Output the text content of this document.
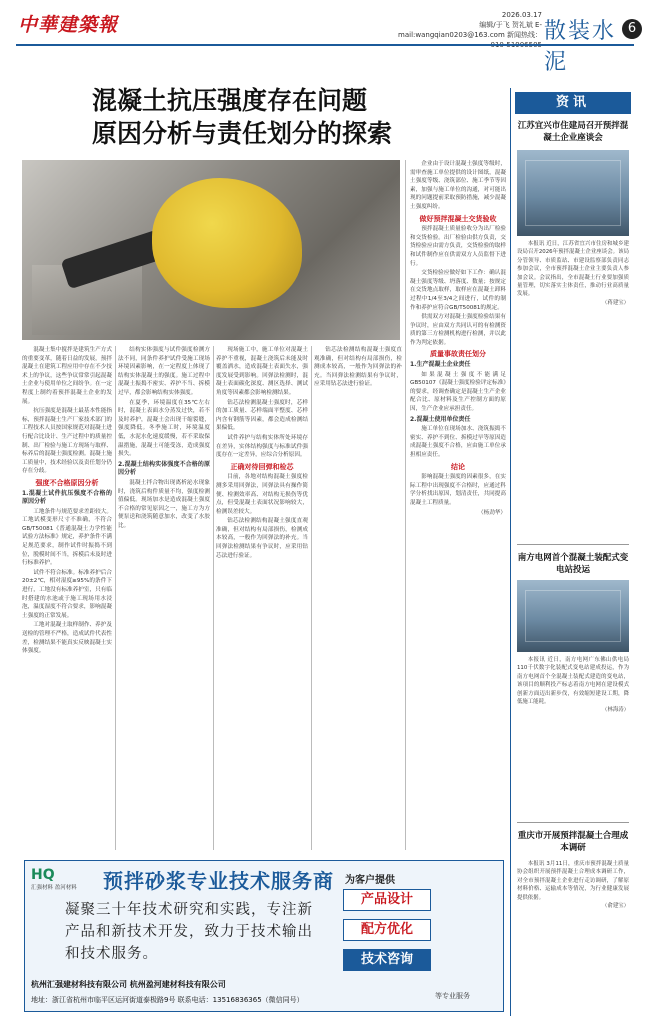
中華建築報	2026.03.17
编辑/于飞 贺礼斌 E-mail:wangqian0203@163.com 新闻热线： 散装水泥
6
混凝土抗压强度存在问题
原因分析与责任划分的探索

混凝土集中搅拌是建筑生产方式的重要变革，随着日益的发展，预拌混凝土在建筑工程应用中存在不少技术上的争议，这些争议常常引起混凝土企业与使用单位之间纷争。在一定程度上制约着预拌混凝土企业的发展。

抗压强度是混凝土最基本性能指标，预拌混凝土生产厂家技术部门的工程技术人员按国家规范对混凝土进行配合比设计、生产过程中的质量控制、出厂检验与施工方现场与取样、标养后的混凝土强度检测。混凝土施工质量中，技术经验以及责任划分仍存在分歧。

强度不合格原因分析
1.混凝土试件抗压强度不合格的原因分析

工地条件与规范要求差距较大。工地试模变形尺寸不准确，不符合GB/T50081《普通混凝土力学性能试验方法标准》规定，养护条件不满足规范要求，制作试件时振捣不到位，脱模时间不当，拆模后未及时进行标准养护。

试件不符合标准。标准养护后合20±2℃，相对湿度≥95%的条件下进行，工地没有标准养护室，只有临时搭建的水池或于施工现场用水浸泡，温度湿度不符合要求，影响混凝土强度的正常发展。

工地对混凝土取样制作、养护及送检的管理不严格，造成试件代表性差，检测结果不能真实反映混凝土实体强度。

结构实体强度与试件强度检测方法不同，同条件养护试件受施工现场环境因素影响，在一定程度上体现了结构实体混凝土的强度。施工过程中混凝土振捣不密实、养护不当、拆模过早，都会影响结构实体强度。

在夏季，环境温度在35℃左右时，混凝土表面水分蒸发过快，若不及时养护，混凝土会出现干缩裂缝，强度降低。冬季施工时，环境温度低，水泥水化速度缓慢，若不采取保温措施，混凝土可能受冻，造成强度损失。

2.混凝土结构实体强度不合格的原因分析

混凝土拌合物出现离析泌水现象时，浇筑后构件质量不均，强度检测值偏低。现场加水是造成混凝土强度不合格的常见原因之一，施工方为方便泵送和浇筑随意加水，改变了水胶比。

现场施工中，施工单位对混凝土养护不重视，混凝土浇筑后未能及时覆盖洒水，造成混凝土表面失水，强度发展受到影响。回弹法检测时，混凝土表面碳化深度、测区选择、测试角度等因素都会影响检测结果。

钻芯法检测混凝土强度时，芯样的加工质量、芯样端面平整度、芯样内含有钢筋等因素，都会造成检测结果偏低。

试件养护与结构实体所处环境存在差异，实体结构强度与标准试件强度存在一定差异，应综合分析原因。

正确对待回弹和检芯

目前，各地对结构混凝土强度检测多采用回弹法，回弹法具有操作简便、检测效率高、对结构无损伤等优点，但受混凝土表面状况影响较大，检测误差较大。

钻芯法检测结构混凝土强度直观准确，但对结构有局部损伤，检测成本较高，一般作为回弹法的补充。当回弹法检测结果有争议时，应采用钻芯法进行验证。

钻芯法检测结构混凝土强度直观准确，但对结构有局部损伤，检测成本较高，一般作为回弹法的补充。当回弹法检测结果有争议时，应采用钻芯法进行验证。

企业由于设计混凝土强度等级时，需审查施工单位提供的设计图纸，混凝土强度等级、浇筑部位、施工季节等因素，加强与施工单位的沟通，对可能出现的问题提前采取预防措施，减少混凝土强度纠纷。

做好预拌混凝土交货验收

预拌混凝土质量验收分为出厂检验和交货检验。出厂检验由供方负责，交货检验应由需方负责，交货检验的取样和试件制作应在供需双方人员监督下进行。

交货检验应做好如下工作：确认混凝土强度等级、坍落度、数量；按规定在交货地点取样，取样应在混凝土卸料过程中1/4至3/4之间进行，试件的制作和养护应符合GB/T50081的规定。

供需双方对混凝土强度检验结果有争议时，应由双方共同认可的有检测资质的第三方检测机构进行检测，并以此作为判定依据。

质量事故责任划分
1.生产混凝土企业责任

如果混凝土强度不能满足GB50107《混凝土强度检验评定标准》的要求，经调查确定是混凝土生产企业配合比、原材料及生产控制方面的原因，生产企业应承担责任。

2.混凝土使用单位责任

施工单位在现场加水、浇筑振捣不密实、养护不到位、拆模过早等原因造成混凝土强度不合格，应由施工单位承担相应责任。

结论

影响混凝土强度的因素很多，在实际工程中出现强度不合格时，应通过科学分析找出原因，划清责任，共同提高混凝土工程质量。

（杨劲华）

资讯
江苏宜兴市住建局召开预拌混凝土企业座谈会

本报讯 近日，江苏省宜兴市住房和城乡建设局召开2026年预拌混凝土企业座谈会。该局分管领导、市质监站、市建设监察部负责同志参加会议，全市预拌混凝土企业主要负责人参加会议。会议指出，全市混凝土行业要加强质量管理，切实落实主体责任，推动行业高质量发展。

（蒋建宝）
南方电网首个混凝土装配式变电站投运

本报讯 近日，南方电网广东佛山供电局110千伏数字化装配式变电站建成投运，作为南方电网首个全混凝土装配式建造的变电站，该项目的顺利投产标志着南方电网在建设模式创新方面迈出新步伐，有效缩短建设工期，降低施工能耗。

（林海涛）
重庆市开展预拌混凝土合理成本调研

本报讯 3月11日，重庆市预拌混凝土质量协会组织开展预拌混凝土合理成本调研工作，对全市预拌混凝土企业进行走访调研，了解原材料价格、运输成本等情况，为行业健康发展提供依据。

（俞建宝）
HQ
汇强材料 盈河材料 预拌砂浆专业技术服务商 为客户提供
凝聚三十年技术研究和实践，专注新产品和新技术开发，致力于技术输出和技术服务。
产品设计
配方优化
技术咨询
等专业服务
杭州汇强建材科技有限公司 杭州盈河建材科技有限公司
地址：浙江省杭州市临平区运河街道泰极路9号 联系电话：13516836365（微信同号）
